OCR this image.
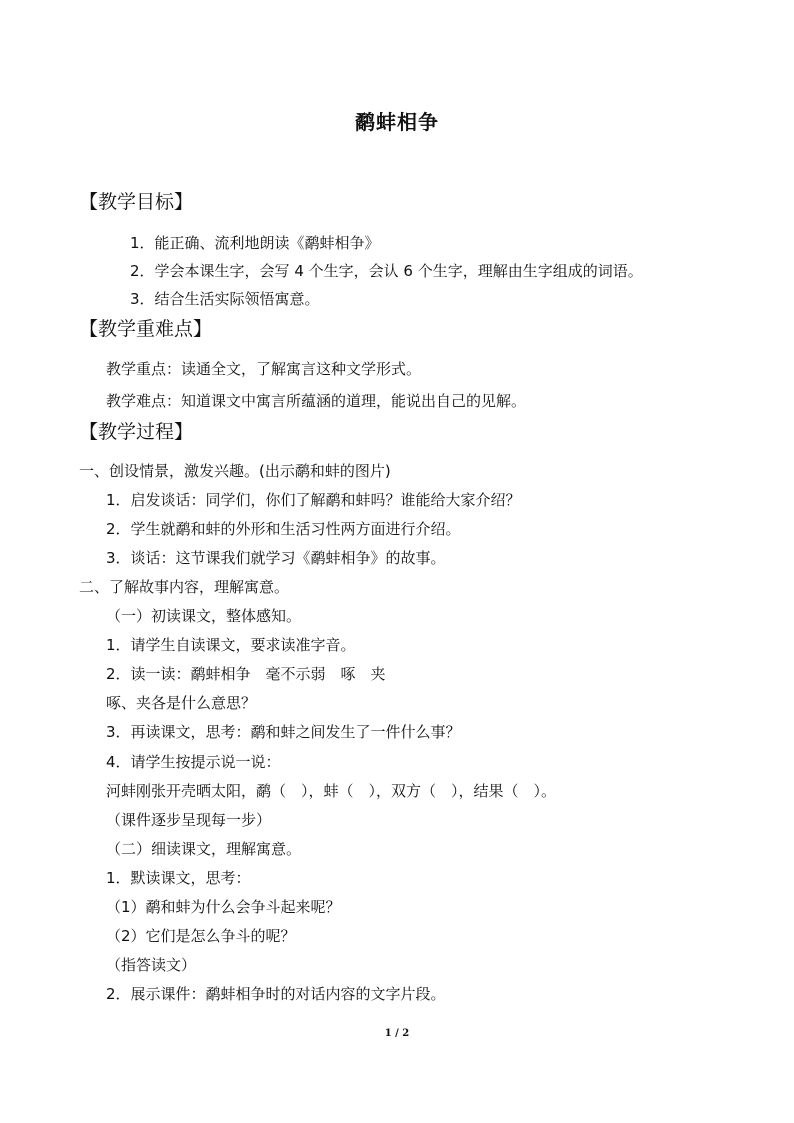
鹬蚌相争
【教学目标】
1．能正确、流利地朗读《鹬蚌相争》
2．学会本课生字，会写 4 个生字，会认 6 个生字，理解由生字组成的词语。
3．结合生活实际领悟寓意。
【教学重难点】
教学重点：读通全文，了解寓言这种文学形式。
教学难点：知道课文中寓言所蕴涵的道理，能说出自己的见解。
【教学过程】
一、创设情景，激发兴趣。(出示鹬和蚌的图片)
1．启发谈话：同学们，你们了解鹬和蚌吗？谁能给大家介绍？
2．学生就鹬和蚌的外形和生活习性两方面进行介绍。
3．谈话：这节课我们就学习《鹬蚌相争》的故事。
二、了解故事内容，理解寓意。
（一）初读课文，整体感知。
1．请学生自读课文，要求读准字音。
2．读一读：鹬蚌相争　毫不示弱　啄　夹
啄、夹各是什么意思？
3．再读课文，思考：鹬和蚌之间发生了一件什么事？
4．请学生按提示说一说：
河蚌刚张开壳晒太阳，鹬（　），蚌（　），双方（　），结果（　）。
（课件逐步呈现每一步）
（二）细读课文，理解寓意。
1．默读课文，思考：
（1）鹬和蚌为什么会争斗起来呢？
（2）它们是怎么争斗的呢？
（指答读文）
2．展示课件：鹬蚌相争时的对话内容的文字片段。
1 / 2
